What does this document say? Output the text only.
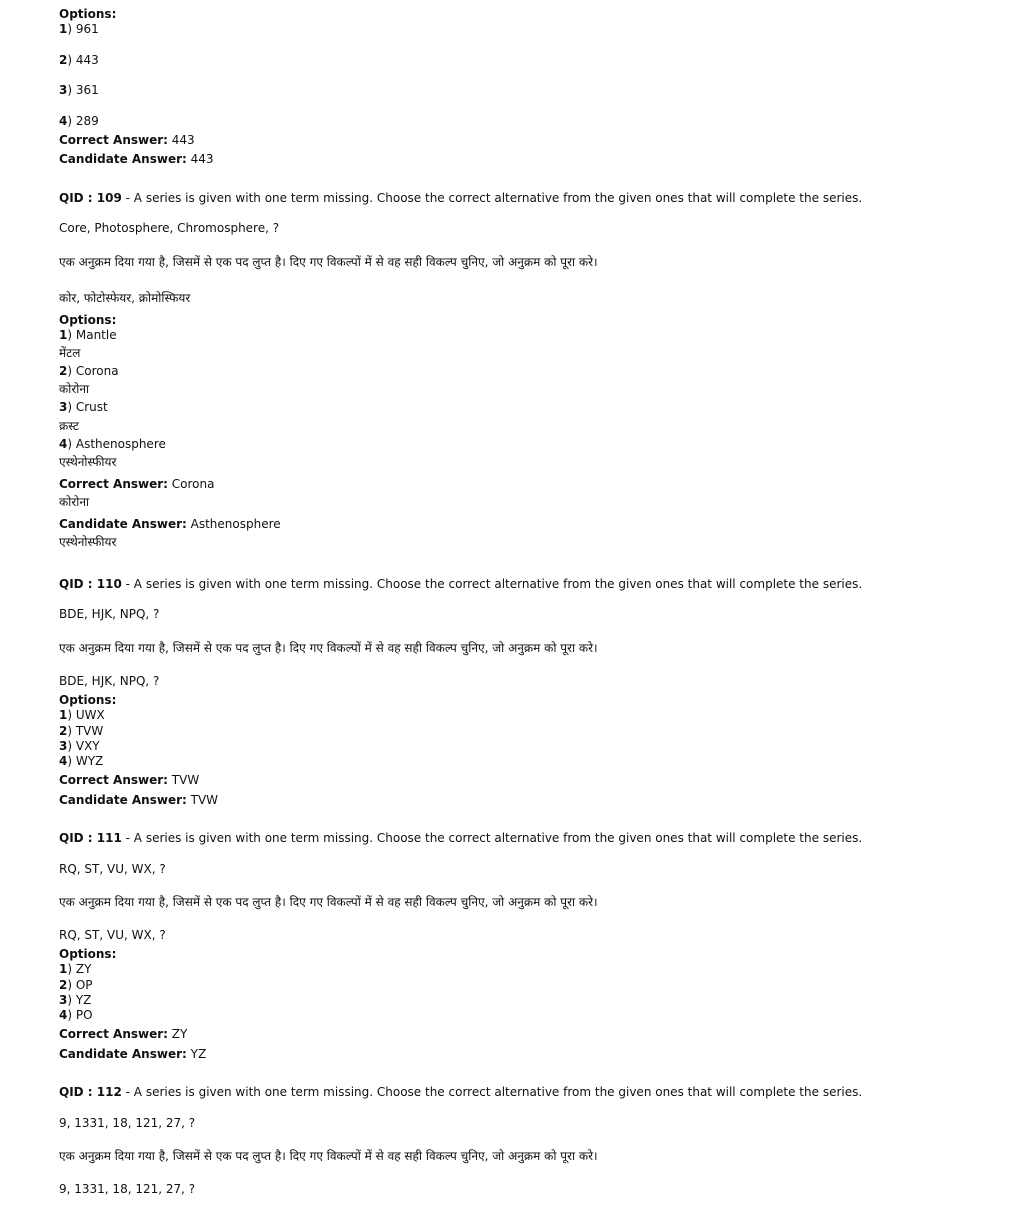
Options:
1) 961
2) 443
3) 361
4) 289
Correct Answer: 443
Candidate Answer: 443
QID : 109 - A series is given with one term missing. Choose the correct alternative from the given ones that will complete the series.
Core, Photosphere, Chromosphere, ?
एक अनुक्रम दिया गया है, जिसमें से एक पद लुप्त है। दिए गए विकल्पों में से वह सही विकल्प चुनिए, जो अनुक्रम को पूरा करे।
कोर, फोटोस्फेयर, क्रोमोस्फियर
Options:
1) Mantle
मेंटल
2) Corona
कोरोना
3) Crust
क्रस्ट
4) Asthenosphere
एस्थेनोस्फीयर
Correct Answer: Corona
कोरोना
Candidate Answer: Asthenosphere
एस्थेनोस्फीयर
QID : 110 - A series is given with one term missing. Choose the correct alternative from the given ones that will complete the series.
BDE, HJK, NPQ, ?
एक अनुक्रम दिया गया है, जिसमें से एक पद लुप्त है। दिए गए विकल्पों में से वह सही विकल्प चुनिए, जो अनुक्रम को पूरा करे।
BDE, HJK, NPQ, ?
Options:
1) UWX
2) TVW
3) VXY
4) WYZ
Correct Answer: TVW
Candidate Answer: TVW
QID : 111 - A series is given with one term missing. Choose the correct alternative from the given ones that will complete the series.
RQ, ST, VU, WX, ?
एक अनुक्रम दिया गया है, जिसमें से एक पद लुप्त है। दिए गए विकल्पों में से वह सही विकल्प चुनिए, जो अनुक्रम को पूरा करे।
RQ, ST, VU, WX, ?
Options:
1) ZY
2) OP
3) YZ
4) PO
Correct Answer: ZY
Candidate Answer: YZ
QID : 112 - A series is given with one term missing. Choose the correct alternative from the given ones that will complete the series.
9, 1331, 18, 121, 27, ?
एक अनुक्रम दिया गया है, जिसमें से एक पद लुप्त है। दिए गए विकल्पों में से वह सही विकल्प चुनिए, जो अनुक्रम को पूरा करे।
9, 1331, 18, 121, 27, ?
